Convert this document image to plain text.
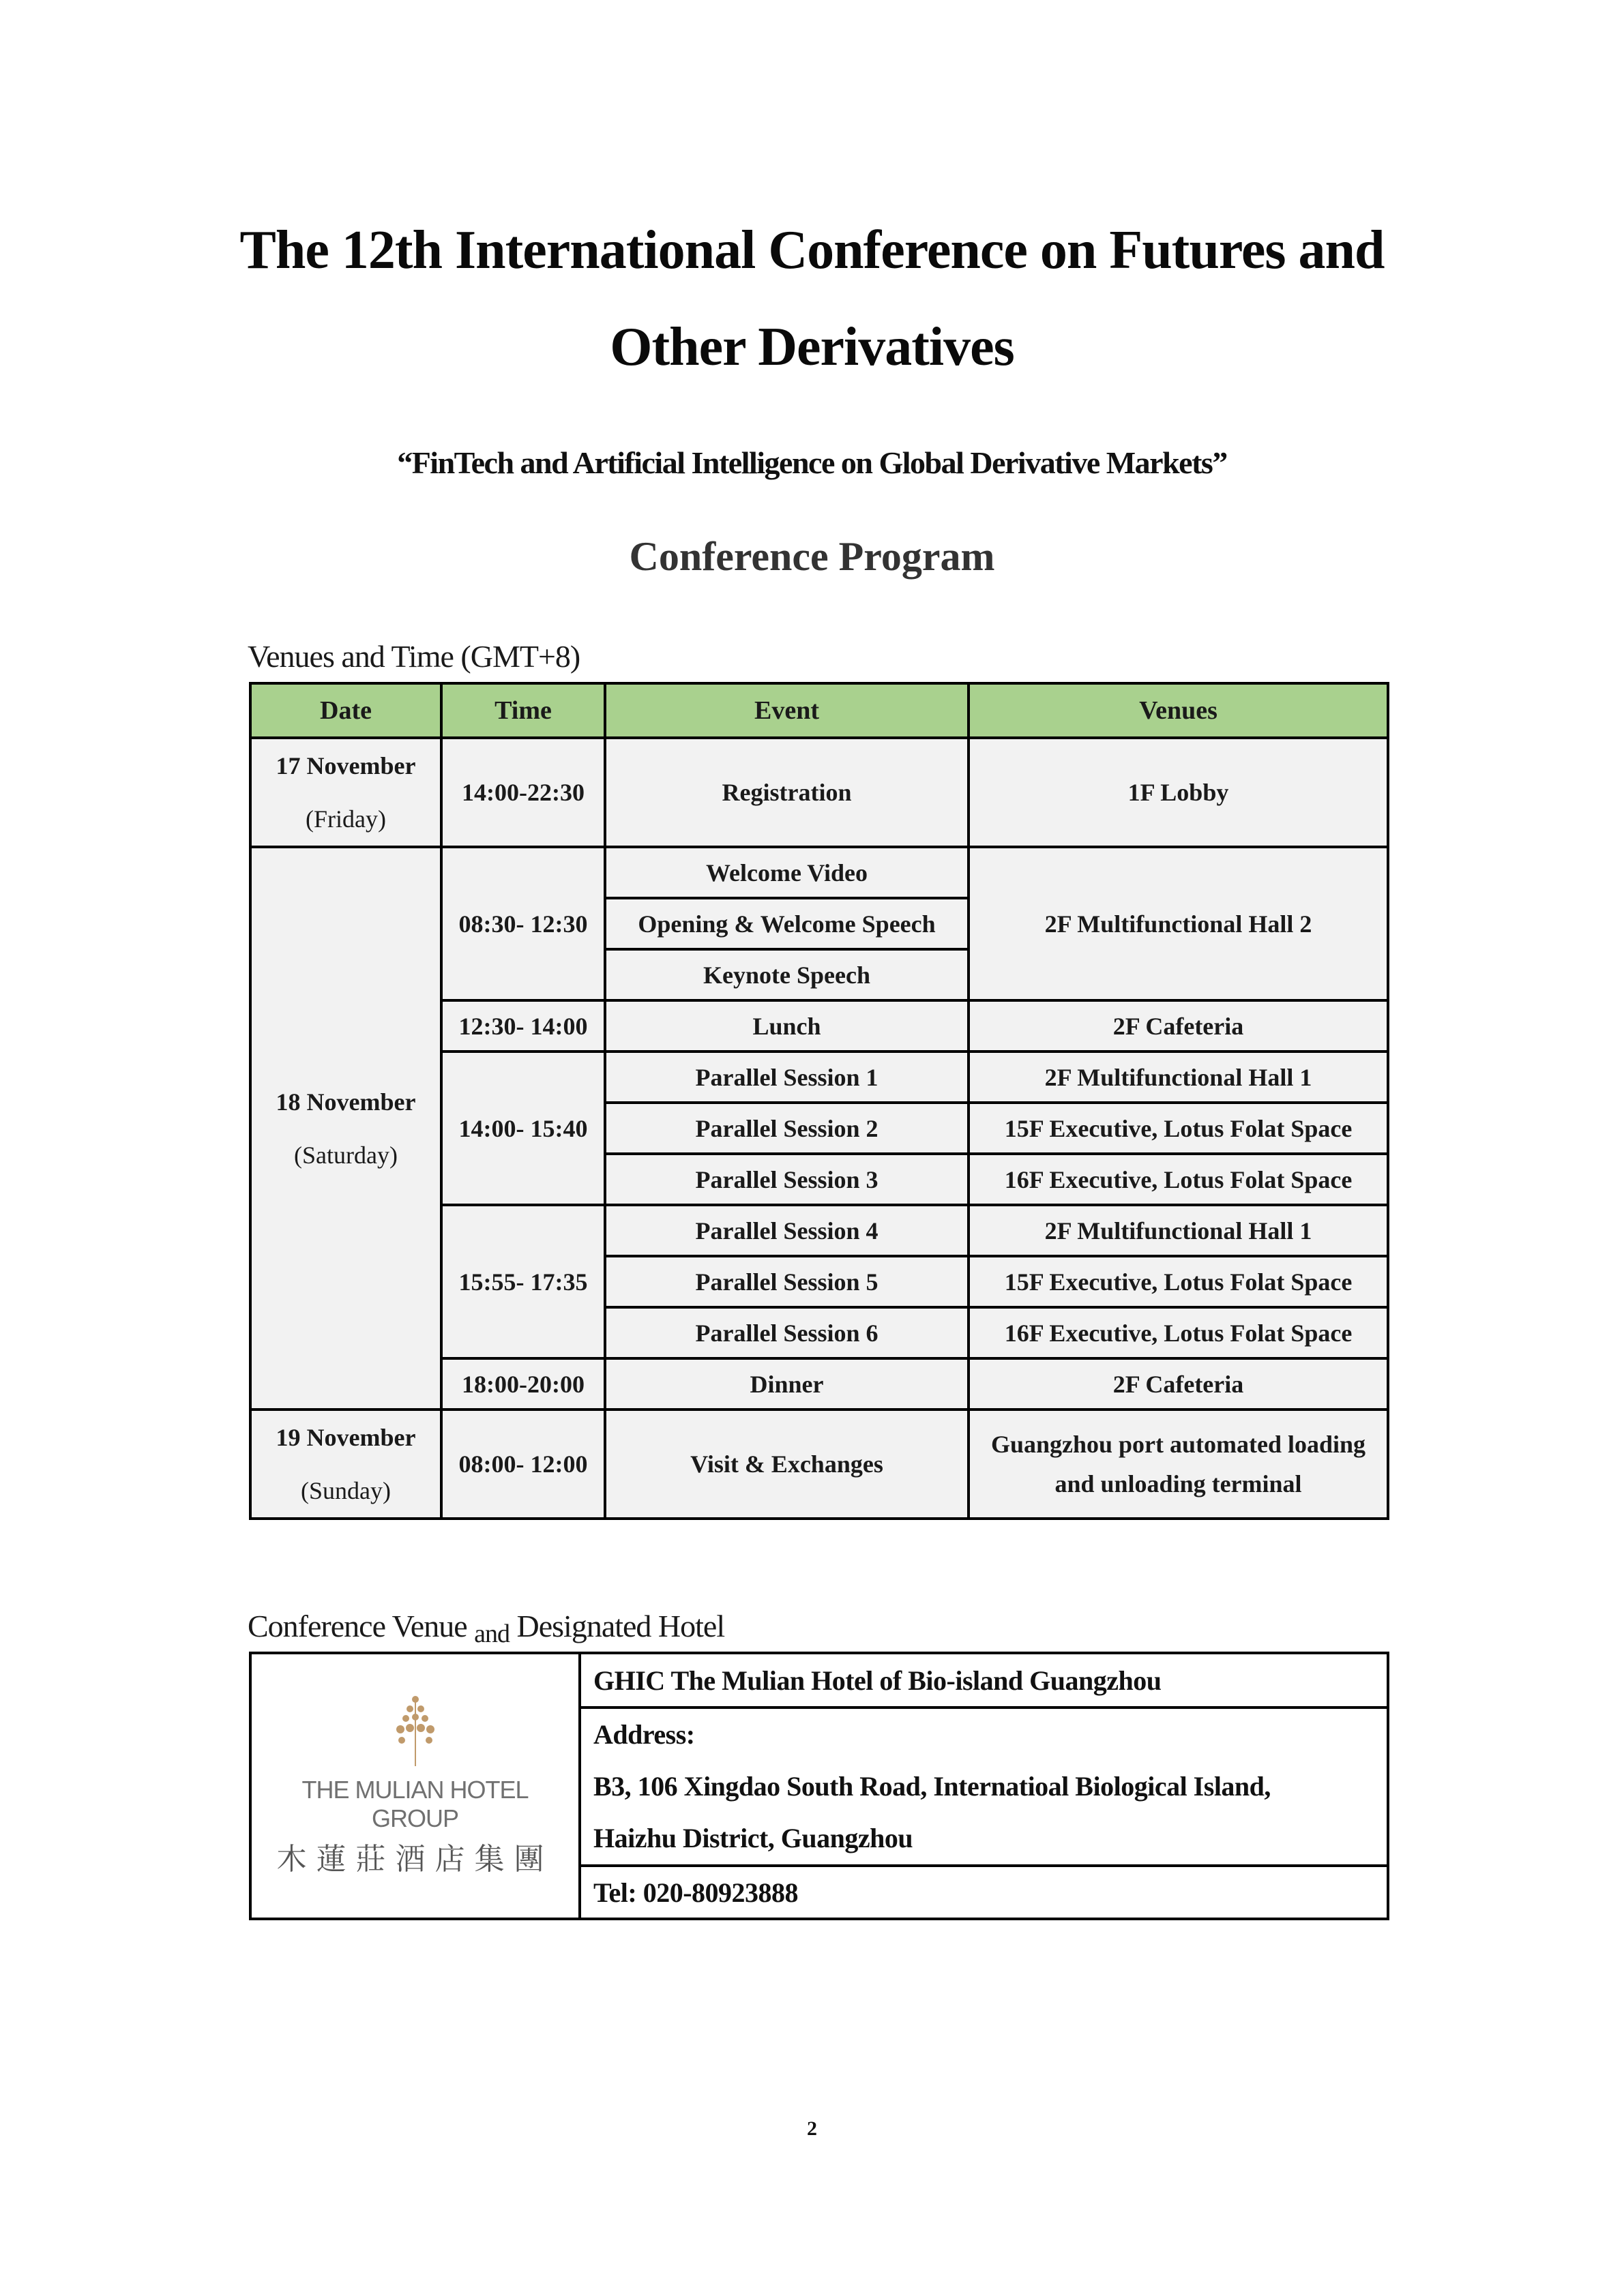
The 12th International Conference on Futures and
Other Derivatives
“FinTech and Artificial Intelligence on Global Derivative Markets”
Conference Program
Venues and Time (GMT+8)
Date	Time	Event	Venues
17 November
(Friday)	14:00-22:30	Registration	1F Lobby
18 November
(Saturday)	08:30- 12:30	Welcome Video	2F Multifunctional Hall 2
		Opening & Welcome Speech	
		Keynote Speech	
	12:30- 14:00	Lunch	2F Cafeteria
	14:00- 15:40	Parallel Session 1	2F Multifunctional Hall 1
		Parallel Session 2	15F Executive, Lotus Folat Space
		Parallel Session 3	16F Executive, Lotus Folat Space
	15:55- 17:35	Parallel Session 4	2F Multifunctional Hall 1
		Parallel Session 5	15F Executive, Lotus Folat Space
		Parallel Session 6	16F Executive, Lotus Folat Space
	18:00-20:00	Dinner	2F Cafeteria
19 November
(Sunday)	08:00- 12:00	Visit & Exchanges	Guangzhou port automated loading
and unloading terminal
Conference Venue and Designated Hotel
THE MULIAN HOTEL GROUP
木蓮莊酒店集團
	GHIC The Mulian Hotel of Bio-island Guangzhou
Address:
B3, 106 Xingdao South Road, Internatioal Biological Island,
Haizhu District, Guangzhou
Tel: 020-80923888
2
